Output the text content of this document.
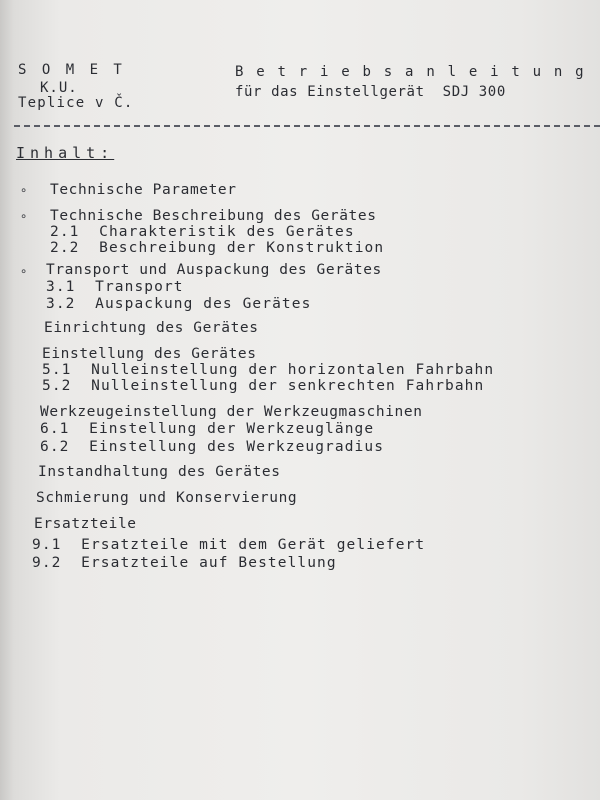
S O M E T
K.U.
Teplice v Č.
B e t r i e b s a n l e i t u n g
für das Einstellgerät  SDJ 300
Inhalt:
∘
∘
∘
Technische Parameter
Technische Beschreibung des Gerätes
2.1  Charakteristik des Gerätes
2.2  Beschreibung der Konstruktion
Transport und Auspackung des Gerätes
3.1  Transport
3.2  Auspackung des Gerätes
Einrichtung des Gerätes
Einstellung des Gerätes
5.1  Nulleinstellung der horizontalen Fahrbahn
5.2  Nulleinstellung der senkrechten Fahrbahn
Werkzeugeinstellung der Werkzeugmaschinen
6.1  Einstellung der Werkzeuglänge
6.2  Einstellung des Werkzeugradius
Instandhaltung des Gerätes
Schmierung und Konservierung
Ersatzteile
9.1  Ersatzteile mit dem Gerät geliefert
9.2  Ersatzteile auf Bestellung
